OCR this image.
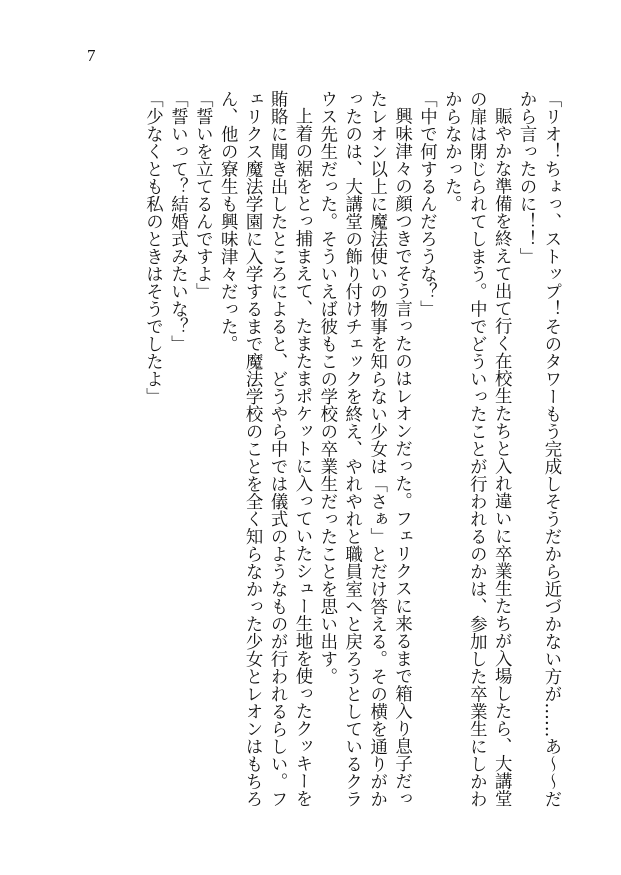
7

「リオ！ちょっ、ストップ！そのタワーもう完成しそうだから近づかない方が……あ〜〜だから言ったのに！！」

賑やかな準備を終えて出て行く在校生たちと入れ違いに卒業生たちが入場したら、大講堂の扉は閉じられてしまう。中でどういったことが行われるのかは、参加した卒業生にしかわからなかった。

「中で何するんだろうな？」

興味津々の顔つきでそう言ったのはレオンだった。フェリクスに来るまで箱入り息子だったレオン以上に魔法使いの物事を知らない少女は「さぁ」とだけ答える。その横を通りがかったのは、大講堂の飾り付けチェックを終え、やれやれと職員室へと戻ろうとしているクラウス先生だった。そういえば彼もこの学校の卒業生だったことを思い出す。

上着の裾をとっ捕まえて、たまたまポケットに入っていたシュー生地を使ったクッキーを賄賂に聞き出したところによると、どうやら中では儀式のようなものが行われるらしい。フェリクス魔法学園に入学するまで魔法学校のことを全く知らなかった少女とレオンはもちろん、他の寮生も興味津々だった。

「誓いを立てるんですよ」

「誓いって？結婚式みたいな？」

「少なくとも私のときはそうでしたよ」
